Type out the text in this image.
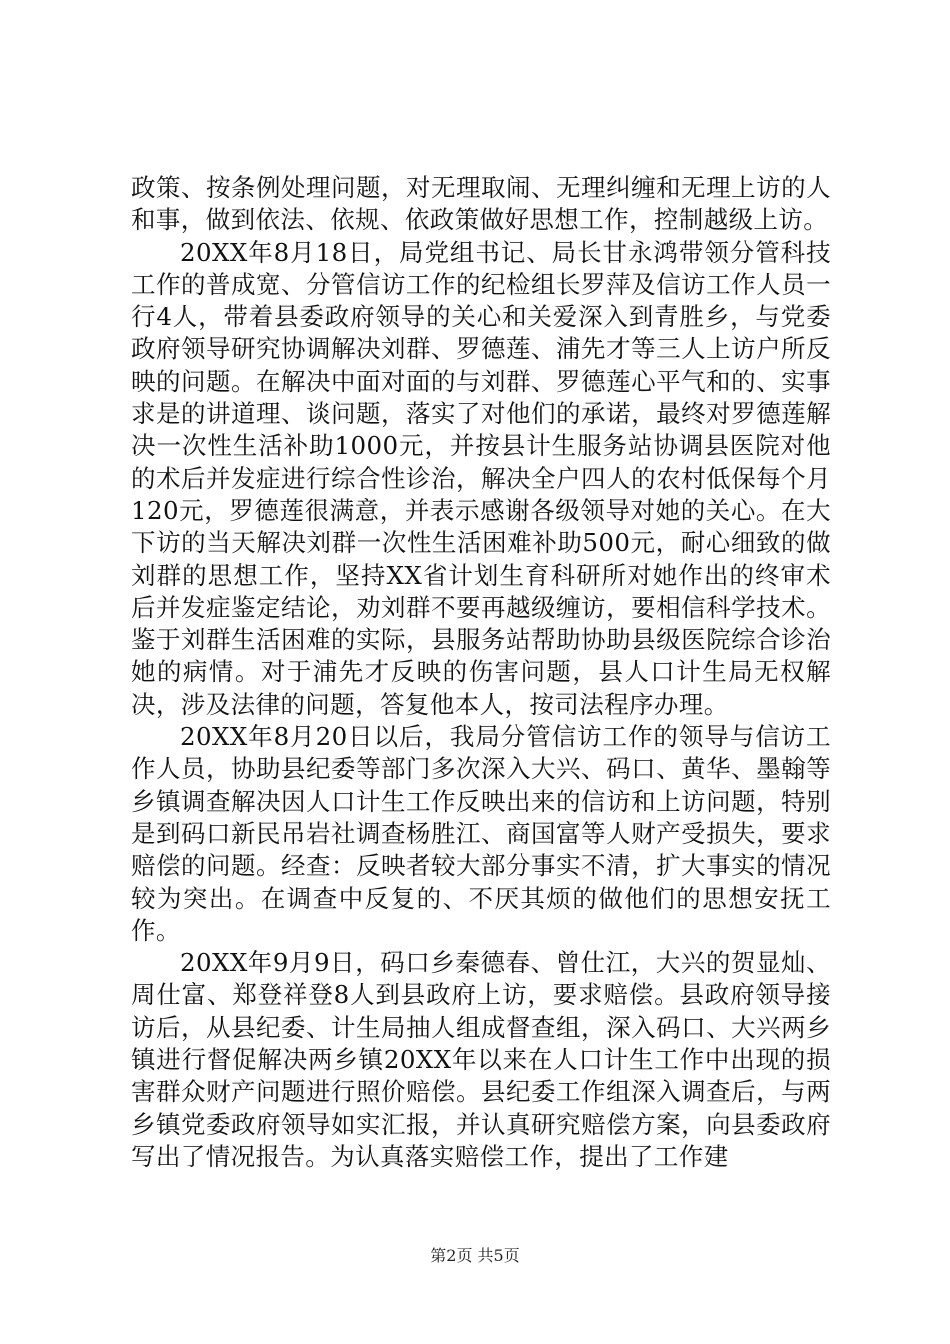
政策、按条例处理问题，对无理取闹、无理纠缠和无理上访的人和事，做到依法、依规、依政策做好思想工作，控制越级上访。

20XX年8月18日，局党组书记、局长甘永鸿带领分管科技工作的普成宽、分管信访工作的纪检组长罗萍及信访工作人员一行4人，带着县委政府领导的关心和关爱深入到青胜乡，与党委政府领导研究协调解决刘群、罗德莲、浦先才等三人上访户所反映的问题。在解决中面对面的与刘群、罗德莲心平气和的、实事求是的讲道理、谈问题，落实了对他们的承诺，最终对罗德莲解决一次性生活补助1000元，并按县计生服务站协调县医院对他的术后并发症进行综合性诊治，解决全户四人的农村低保每个月120元，罗德莲很满意，并表示感谢各级领导对她的关心。在大下访的当天解决刘群一次性生活困难补助500元，耐心细致的做刘群的思想工作，坚持XX省计划生育科研所对她作出的终审术后并发症鉴定结论，劝刘群不要再越级缠访，要相信科学技术。鉴于刘群生活困难的实际，县服务站帮助协助县级医院综合诊治她的病情。对于浦先才反映的伤害问题，县人口计生局无权解决，涉及法律的问题，答复他本人，按司法程序办理。

20XX年8月20日以后，我局分管信访工作的领导与信访工作人员，协助县纪委等部门多次深入大兴、码口、黄华、墨翰等乡镇调查解决因人口计生工作反映出来的信访和上访问题，特别是到码口新民吊岩社调查杨胜江、商国富等人财产受损失，要求赔偿的问题。经查：反映者较大部分事实不清，扩大事实的情况较为突出。在调查中反复的、不厌其烦的做他们的思想安抚工作。

20XX年9月9日，码口乡秦德春、曾仕江，大兴的贺显灿、周仕富、郑登祥登8人到县政府上访，要求赔偿。县政府领导接访后，从县纪委、计生局抽人组成督查组，深入码口、大兴两乡镇进行督促解决两乡镇20XX年以来在人口计生工作中出现的损害群众财产问题进行照价赔偿。县纪委工作组深入调查后，与两乡镇党委政府领导如实汇报，并认真研究赔偿方案，向县委政府写出了情况报告。为认真落实赔偿工作，提出了工作建

第2页 共5页
